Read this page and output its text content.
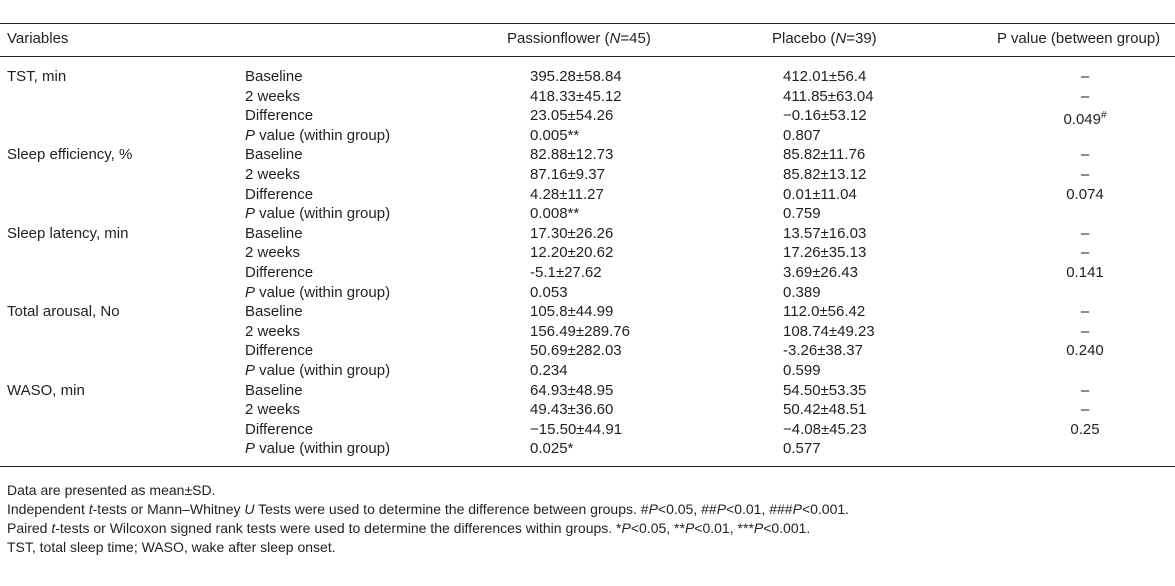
Variables	Passionflower (N=45)	Placebo (N=39)	P value (between group)
TST, min	Baseline	395.28±58.84	412.01±56.4	–
2 weeks	418.33±45.12	411.85±63.04	–
Difference	23.05±54.26	−0.16±53.12	0.049#
P value (within group)	0.005**	0.807
Sleep efficiency, %	Baseline	82.88±12.73	85.82±11.76	–
2 weeks	87.16±9.37	85.82±13.12	–
Difference	4.28±11.27	0.01±11.04	0.074
P value (within group)	0.008**	0.759
Sleep latency, min	Baseline	17.30±26.26	13.57±16.03	–
2 weeks	12.20±20.62	17.26±35.13	–
Difference	-5.1±27.62	3.69±26.43	0.141
P value (within group)	0.053	0.389
Total arousal, No	Baseline	105.8±44.99	112.0±56.42	–
2 weeks	156.49±289.76	108.74±49.23	–
Difference	50.69±282.03	-3.26±38.37	0.240
P value (within group)	0.234	0.599
WASO, min	Baseline	64.93±48.95	54.50±53.35	–
2 weeks	49.43±36.60	50.42±48.51	–
Difference	−15.50±44.91	−4.08±45.23	0.25
P value (within group)	0.025*	0.577
Data are presented as mean±SD.
Independent t-tests or Mann–Whitney U Tests were used to determine the difference between groups. #P<0.05, ##P<0.01, ###P<0.001.
Paired t-tests or Wilcoxon signed rank tests were used to determine the differences within groups. *P<0.05, **P<0.01, ***P<0.001.
TST, total sleep time; WASO, wake after sleep onset.
